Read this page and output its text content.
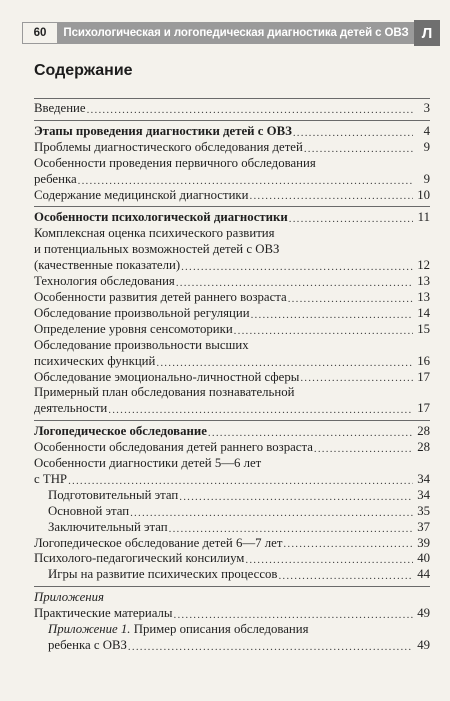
60	Психологическая и логопедическая диагностика детей с ОВЗ Л
Содержание
Введение .....	3
Этапы проведения диагностики детей с ОВЗ .....	4
Проблемы диагностического обследования детей .....	9
Особенности проведения первичного обследования
ребенка .....	9
Содержание медицинской диагностики .....	10
Особенности психологической диагностики .....	11
Комплексная оценка психического развития
и потенциальных возможностей детей с ОВЗ
(качественные показатели) .....	12
Технология обследования .....	13
Особенности развития детей раннего возраста .....	13
Обследование произвольной регуляции .....	14
Определение уровня сенсомоторики .....	15
Обследование произвольности высших
психических функций .....	16
Обследование эмоционально-личностной сферы .....	17
Примерный план обследования познавательной
деятельности .....	17
Логопедическое обследование .....	28
Особенности обследования детей раннего возраста .....	28
Особенности диагностики детей 5—6 лет
с ТНР .....	34
Подготовительный этап .....	34
Основной этап .....	35
Заключительный этап .....	37
Логопедическое обследование детей 6—7 лет .....	39
Психолого-педагогический консилиум .....	40
Игры на развитие психических процессов .....	44
Приложения
Практические материалы .....	49
Приложение 1. Пример описания обследования
ребенка с ОВЗ .....	49
